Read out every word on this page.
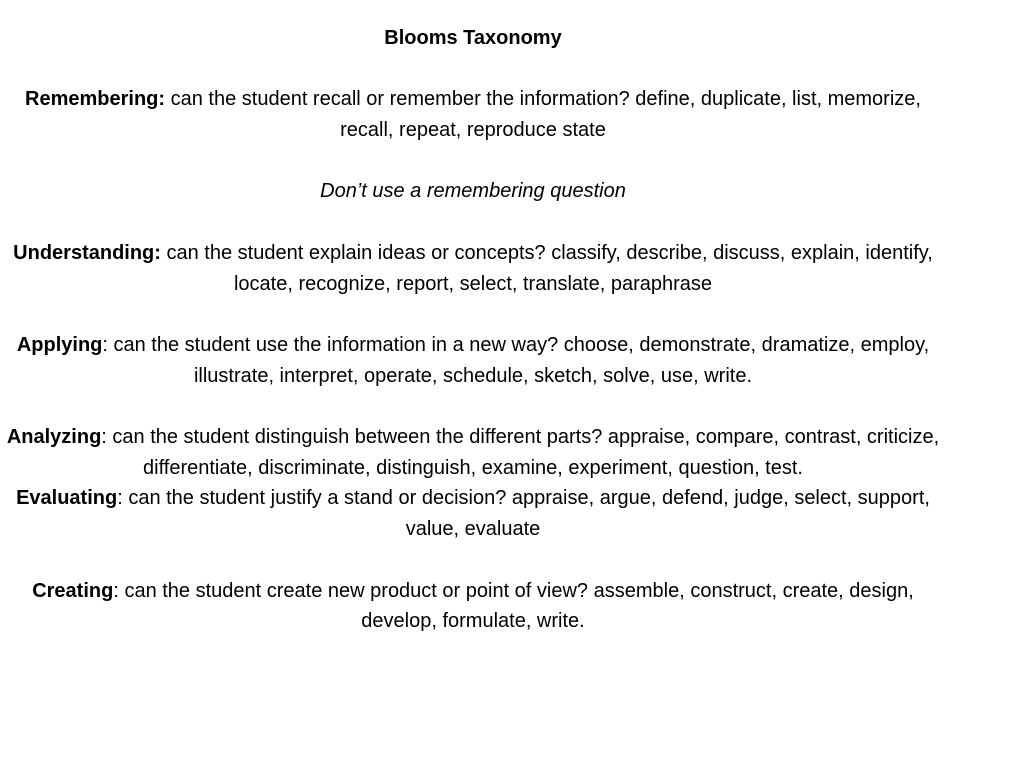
Blooms Taxonomy
Remembering: can the student recall or remember the information? define, duplicate, list, memorize, recall, repeat, reproduce state
Don’t use a remembering question
Understanding: can the student explain ideas or concepts? classify, describe, discuss, explain, identify, locate, recognize, report, select, translate, paraphrase
Applying: can the student use the information in a new way? choose, demonstrate, dramatize, employ, illustrate, interpret, operate, schedule, sketch, solve, use, write.
Analyzing: can the student distinguish between the different parts? appraise, compare, contrast, criticize, differentiate, discriminate, distinguish, examine, experiment, question, test.
Evaluating: can the student justify a stand or decision? appraise, argue, defend, judge, select, support, value, evaluate
Creating: can the student create new product or point of view? assemble, construct, create, design, develop, formulate, write.
